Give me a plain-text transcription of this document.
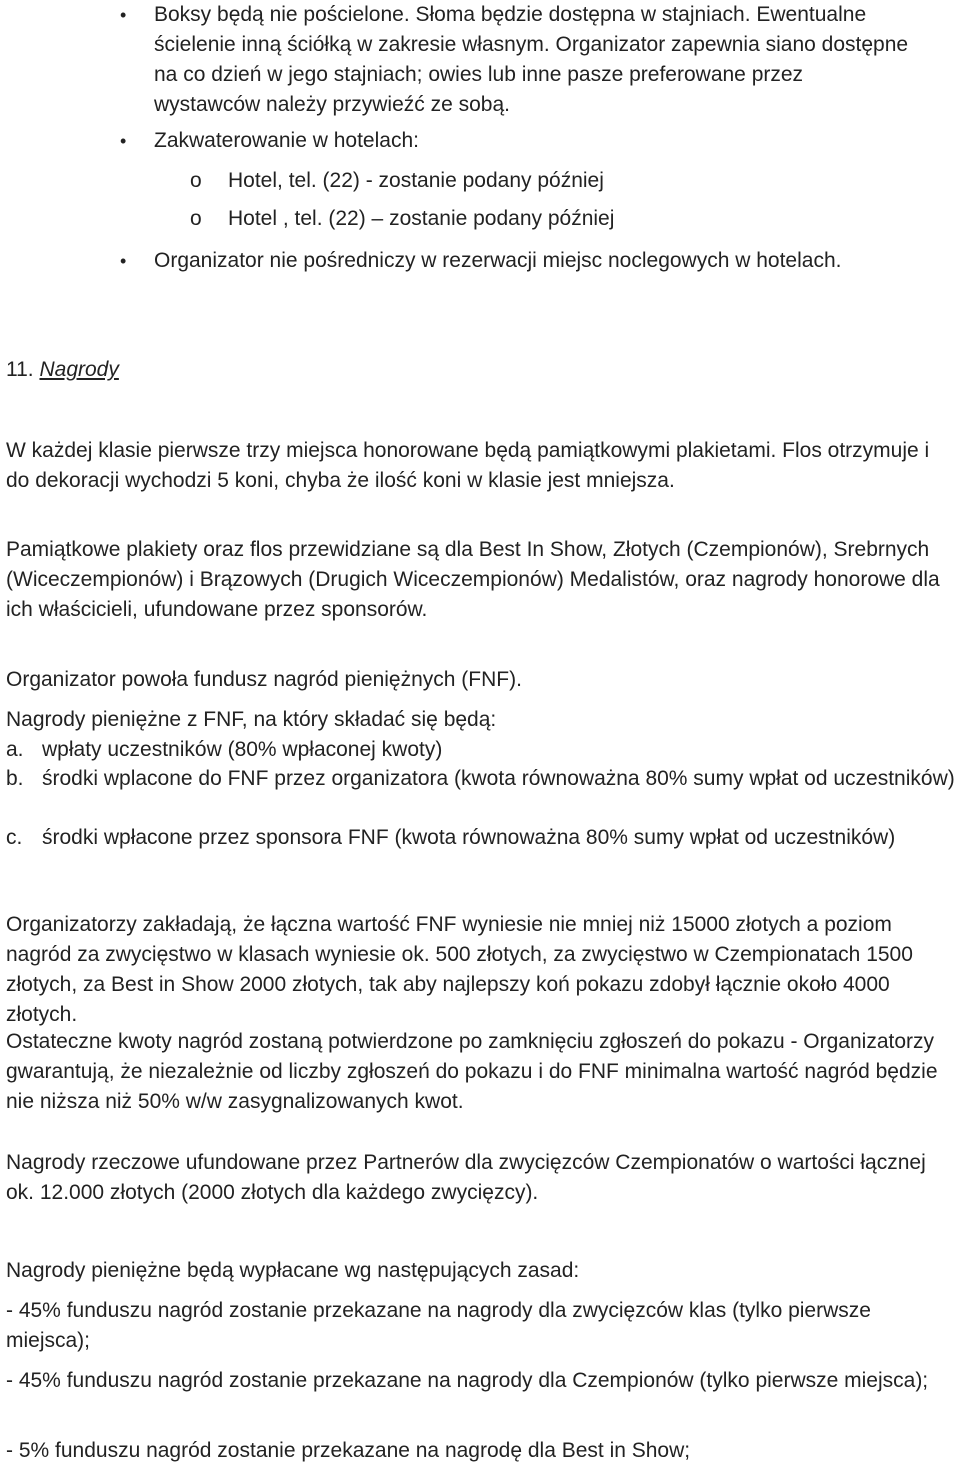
• Boksy będą nie pościelone. Słoma będzie dostępna w stajniach. Ewentualne ścielenie inną ściółką w zakresie własnym. Organizator zapewnia siano dostępne na co dzień w jego stajniach; owies lub inne pasze preferowane przez wystawców należy przywieźć ze sobą.
• Zakwaterowanie w hotelach:
o Hotel, tel. (22) - zostanie podany później
o Hotel , tel. (22) – zostanie podany później
• Organizator nie pośredniczy w rezerwacji miejsc noclegowych w hotelach.
11. Nagrody

W każdej klasie pierwsze trzy miejsca honorowane będą pamiątkowymi plakietami. Flos otrzymuje i do dekoracji wychodzi 5 koni, chyba że ilość koni w klasie jest mniejsza.

Pamiątkowe plakiety oraz flos przewidziane są dla Best In Show, Złotych (Czempionów), Srebrnych (Wiceczempionów) i Brązowych (Drugich Wiceczempionów) Medalistów, oraz nagrody honorowe dla ich właścicieli, ufundowane przez sponsorów.

Organizator powoła fundusz nagród pieniężnych (FNF).

Nagrody pieniężne z FNF, na który składać się będą:

a. wpłaty uczestników (80% wpłaconej kwoty)
b. środki wplacone do FNF przez organizatora (kwota równoważna 80% sumy wpłat od uczestników)
c. środki wpłacone przez sponsora FNF (kwota równoważna 80% sumy wpłat od uczestników)

Organizatorzy zakładają, że łączna wartość FNF wyniesie nie mniej niż 15000 złotych a poziom nagród za zwycięstwo w klasach wyniesie ok. 500 złotych, za zwycięstwo w Czempionatach 1500 złotych, za Best in Show 2000 złotych, tak aby najlepszy koń pokazu zdobył łącznie około 4000 złotych.

Ostateczne kwoty nagród zostaną potwierdzone po zamknięciu zgłoszeń do pokazu - Organizatorzy gwarantują, że niezależnie od liczby zgłoszeń do pokazu i do FNF minimalna wartość nagród będzie nie niższa niż 50% w/w zasygnalizowanych kwot.

Nagrody rzeczowe ufundowane przez Partnerów dla zwycięzców Czempionatów o wartości łącznej ok. 12.000 złotych (2000 złotych dla każdego zwycięzcy).

Nagrody pieniężne będą wypłacane wg następujących zasad:

- 45% funduszu nagród zostanie przekazane na nagrody dla zwycięzców klas (tylko pierwsze miejsca);

- 45% funduszu nagród zostanie przekazane na nagrody dla Czempionów (tylko pierwsze miejsca);

- 5% funduszu nagród zostanie przekazane na nagrodę dla Best in Show;
